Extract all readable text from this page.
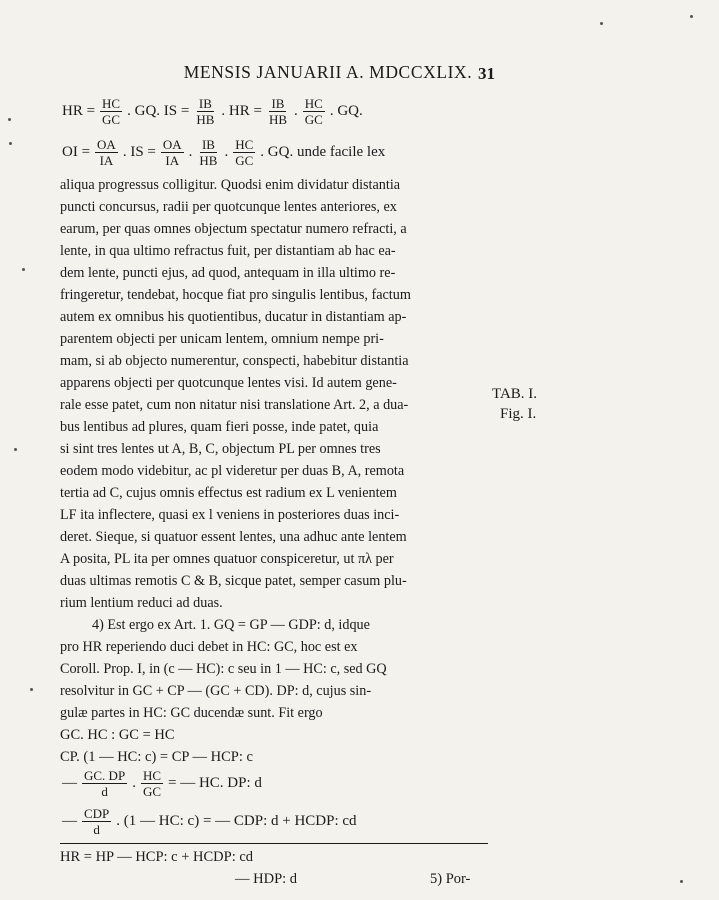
MENSIS JANUARII A. MDCCXLIX. 31
HR = $\frac{HC}{GC}$ . GQ. IS = $\frac{IB}{HB}$ . HR = $\frac{IB}{HB}$ . $\frac{HC}{GC}$ . GQ.
OI = $\frac{OA}{IA}$ . IS = $\frac{OA}{IA}$ . $\frac{IB}{HB}$ . $\frac{HC}{GC}$ . GQ. unde facile lex
aliqua progressus colligitur. Quodsi enim dividatur distantia
puncti concursus, radii per quotcunque lentes anteriores, ex
earum, per quas omnes objectum spectatur numero refracti, a
lente, in qua ultimo refractus fuit, per distantiam ab hac ea-
dem lente, puncti ejus, ad quod, antequam in illa ultimo re-
fringeretur, tendebat, hocque fiat pro singulis lentibus, factum
autem ex omnibus his quotientibus, ducatur in distantiam ap-
parentem objecti per unicam lentem, omnium nempe pri-
mam, si ab objecto numerentur, conspecti, habebitur distantia
apparens objecti per quotcunque lentes visi. Id autem gene-
rale esse patet, cum non nitatur nisi translatione Art. 2, a dua-
bus lentibus ad plures, quam fieri posse, inde patet, quia
si sint tres lentes ut A, B, C, objectum PL per omnes tres
eodem modo videbitur, ac pl videretur per duas B, A, remota
tertia ad C, cujus omnis effectus est radium ex L venientem
LF ita inflectere, quasi ex l veniens in posteriores duas inci-
deret. Sieque, si quatuor essent lentes, una adhuc ante lentem
A posita, PL ita per omnes quatuor conspiceretur, ut πλ per
duas ultimas remotis C & B, sicque patet, semper casum plu-
rium lentium reduci ad duas.
TAB. I.
Fig. I.
4) Est ergo ex Art. 1. GQ = GP — GDP: d, idque
pro HR reperiendo duci debet in HC: GC, hoc est ex
Coroll. Prop. I, in (c — HC): c seu in 1 — HC: c, sed GQ
resolvitur in GC + CP — (GC + CD). DP: d, cujus sin-
gulæ partes in HC: GC ducendæ sunt. Fit ergo
GC. HC : GC = HC
CP. (1 — HC: c) = CP — HCP: c
— $\frac{GC. DP}{d}$ . $\frac{HC}{GC}$ = — HC. DP: d
— $\frac{\text{CDP}}{d}$ . (1 — HC: c) = — CDP: d + HCDP: cd
HR = HP — HCP: c + HCDP: cd
— HDP: d	5) Por-
